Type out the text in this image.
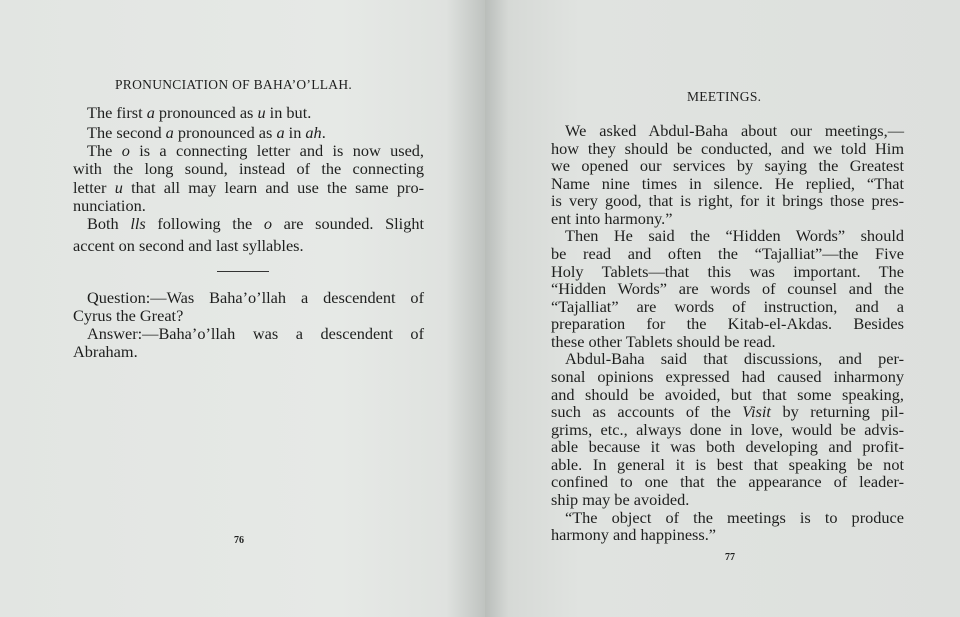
PRONUNCIATION OF BAHA’O’LLAH.
76
The first a pronounced as u in but.
The second a pronounced as a in ah.
The o is a connecting letter and is now used,
with the long sound, instead of the connecting
letter u that all may learn and use the same pro-
nunciation.
Both lls following the o are sounded. Slight
accent on second and last syllables.
Question:—Was Baha’o’llah a descendent of
Cyrus the Great?
Answer:—Baha’o’llah was a descendent of
Abraham.
MEETINGS.
77
We asked Abdul-Baha about our meetings,—
how they should be conducted, and we told Him
we opened our services by saying the Greatest
Name nine times in silence. He replied, “That
is very good, that is right, for it brings those pres-
ent into harmony.”
Then He said the “Hidden Words” should
be read and often the “Tajalliat”—the Five
Holy Tablets—that this was important. The
“Hidden Words” are words of counsel and the
“Tajalliat” are words of instruction, and a
preparation for the Kitab-el-Akdas. Besides
these other Tablets should be read.
Abdul-Baha said that discussions, and per-
sonal opinions expressed had caused inharmony
and should be avoided, but that some speaking,
such as accounts of the Visit by returning pil-
grims, etc., always done in love, would be advis-
able because it was both developing and profit-
able. In general it is best that speaking be not
confined to one that the appearance of leader-
ship may be avoided.
“The object of the meetings is to produce
harmony and happiness.”
